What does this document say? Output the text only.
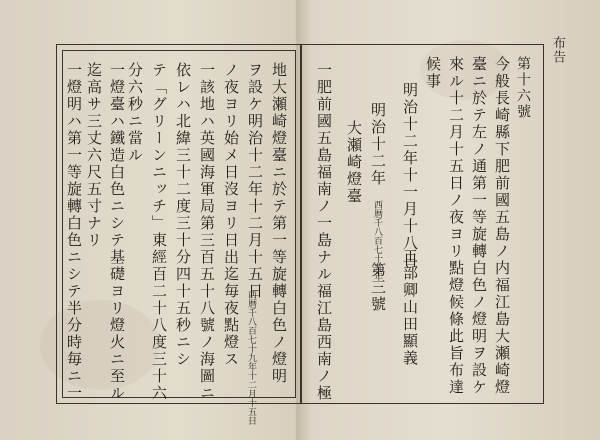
布告
第十六號
今般長崎縣下肥前國五島ノ内福江島大瀬崎燈
臺ニ於テ左ノ通第一等旋轉白色ノ燈明ヲ設ケ
來ル十二月十五日ノ夜ヨリ點燈候條此旨布達
候事
明治十二年十一月十八日
工部卿山田顯義
明治十二年
西暦千八百七十九年
第三號
大瀬崎燈臺
一肥前國五島福南ノ一島ナル福江島西南ノ極
地大瀬崎燈臺ニ於テ第一等旋轉白色ノ燈明
ヲ設ケ明治十二年十二月十五日
西暦千八百七十九年十二月十五日
ノ夜ヨリ始メ日沒ヨリ日出迄毎夜點燈ス
一該地ハ英國海軍局第三百五十八號ノ海圖ニ
依レハ北緯三十二度三十分四十五秒ニシ
テ「グリーンニッチ」東經百二十八度三十六
分六秒ニ當ル
一燈臺ハ鐵造白色ニシテ基礎ヨリ燈火ニ至ル
迄高サ三丈六尺五寸ナリ
一燈明ハ第一等旋轉白色ニシテ半分時毎ニ一
